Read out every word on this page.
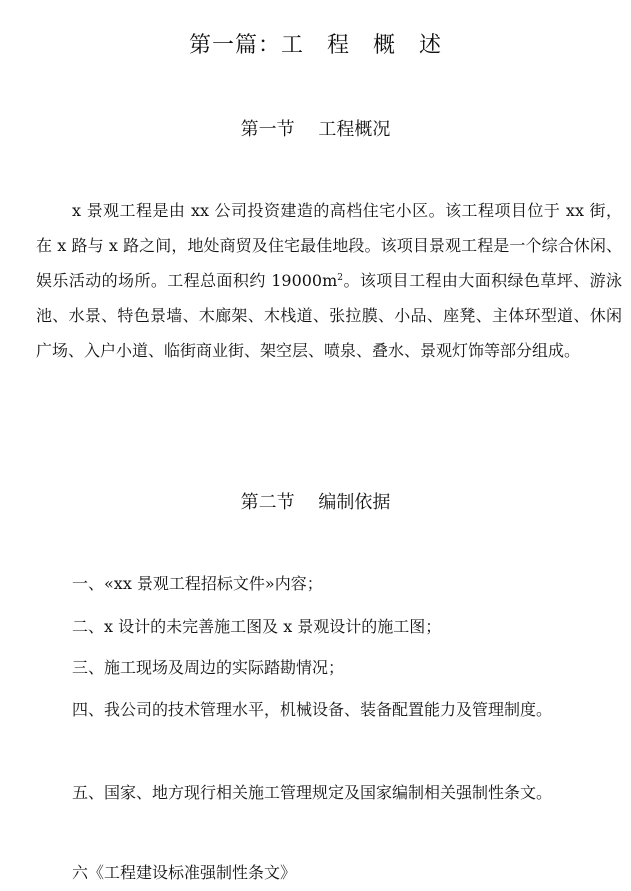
第一篇：工　程　概　述
第一节　 工程概况

x 景观工程是由 xx 公司投资建造的高档住宅小区。该工程项目位于 xx 街，在 x 路与 x 路之间，地处商贸及住宅最佳地段。该项目景观工程是一个综合休闲、娱乐活动的场所。工程总面积约 $19000m^2$。该项目工程由大面积绿色草坪、游泳池、水景、特色景墙、木廊架、木栈道、张拉膜、小品、座凳、主体环型道、休闲广场、入户小道、临街商业街、架空层、喷泉、叠水、景观灯饰等部分组成。

第二节　 编制依据

一、«xx 景观工程招标文件»内容；

二、x 设计的未完善施工图及 x 景观设计的施工图；

三、施工现场及周边的实际踏勘情况；

四、我公司的技术管理水平，机械设备、装备配置能力及管理制度。

五、国家、地方现行相关施工管理规定及国家编制相关强制性条文。

六《工程建设标准强制性条文》
